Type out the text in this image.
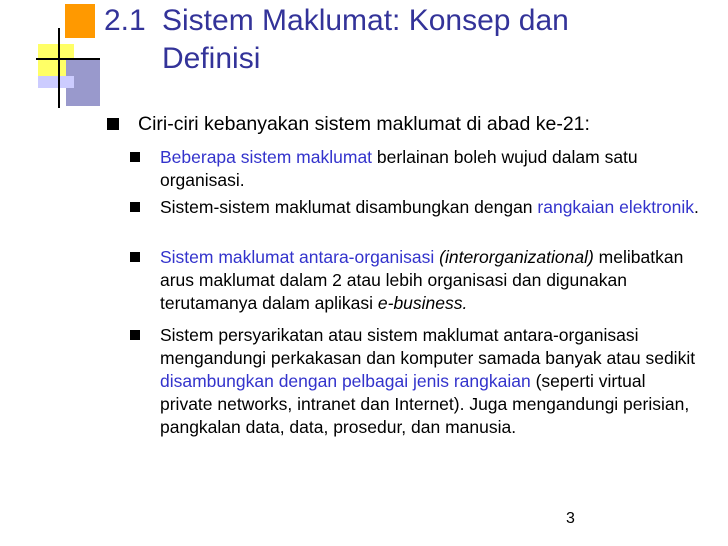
2.1 Sistem Maklumat: Konsep dan
Definisi
Ciri-ciri kebanyakan sistem maklumat di abad ke-21:
Beberapa sistem maklumat berlainan boleh wujud dalam satu organisasi.
Sistem-sistem maklumat disambungkan dengan rangkaian elektronik.
Sistem maklumat antara-organisasi (interorganizational) melibatkan arus maklumat dalam 2 atau lebih organisasi dan digunakan terutamanya dalam aplikasi e-business.
Sistem persyarikatan atau sistem maklumat antara-organisasi mengandungi perkakasan dan komputer samada banyak atau sedikit disambungkan dengan pelbagai jenis rangkaian (seperti virtual private networks, intranet dan Internet). Juga mengandungi perisian, pangkalan data, data, prosedur, dan manusia.
3
